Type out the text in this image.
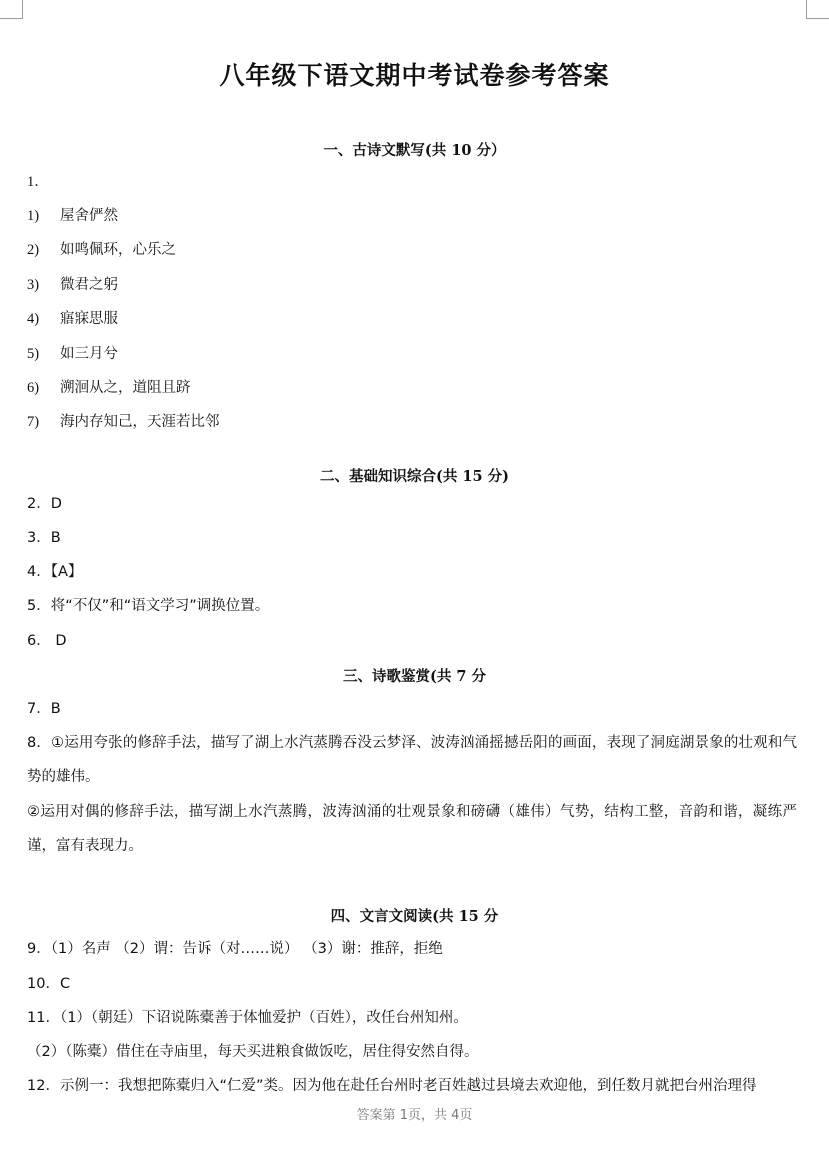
八年级下语文期中考试卷参考答案
一、古诗文默写(共 10 分）
1．
1) 屋舍俨然
2) 如鸣佩环，心乐之
3) 微君之躬
4) 寤寐思服
5) 如三月兮
6) 溯洄从之，道阻且跻
7) 海内存知己，天涯若比邻
二、基础知识综合(共 15 分)
2．D
3．B
4．【A】
5．将“不仅”和“语文学习”调换位置。
6． D
三、诗歌鉴赏(共 7 分
7．B
8．①运用夸张的修辞手法，描写了湖上水汽蒸腾吞没云梦泽、波涛汹涌摇撼岳阳的画面，表现了洞庭湖景象的壮观和气势的雄伟。
②运用对偶的修辞手法，描写湖上水汽蒸腾，波涛汹涌的壮观景象和磅礴（雄伟）气势，结构工整，音韵和谐，凝练严谨，富有表现力。
四、文言文阅读(共 15 分
9．（1）名声 （2）谓：告诉（对……说） （3）谢：推辞，拒绝
10．C
11．（1）（朝廷）下诏说陈橐善于体恤爱护（百姓），改任台州知州。
（2）（陈橐）借住在寺庙里，每天买进粮食做饭吃，居住得安然自得。
12．示例一：我想把陈橐归入“仁爱”类。因为他在赴任台州时老百姓越过县境去欢迎他，到任数月就把台州治理得
答案第 1页，共 4页
